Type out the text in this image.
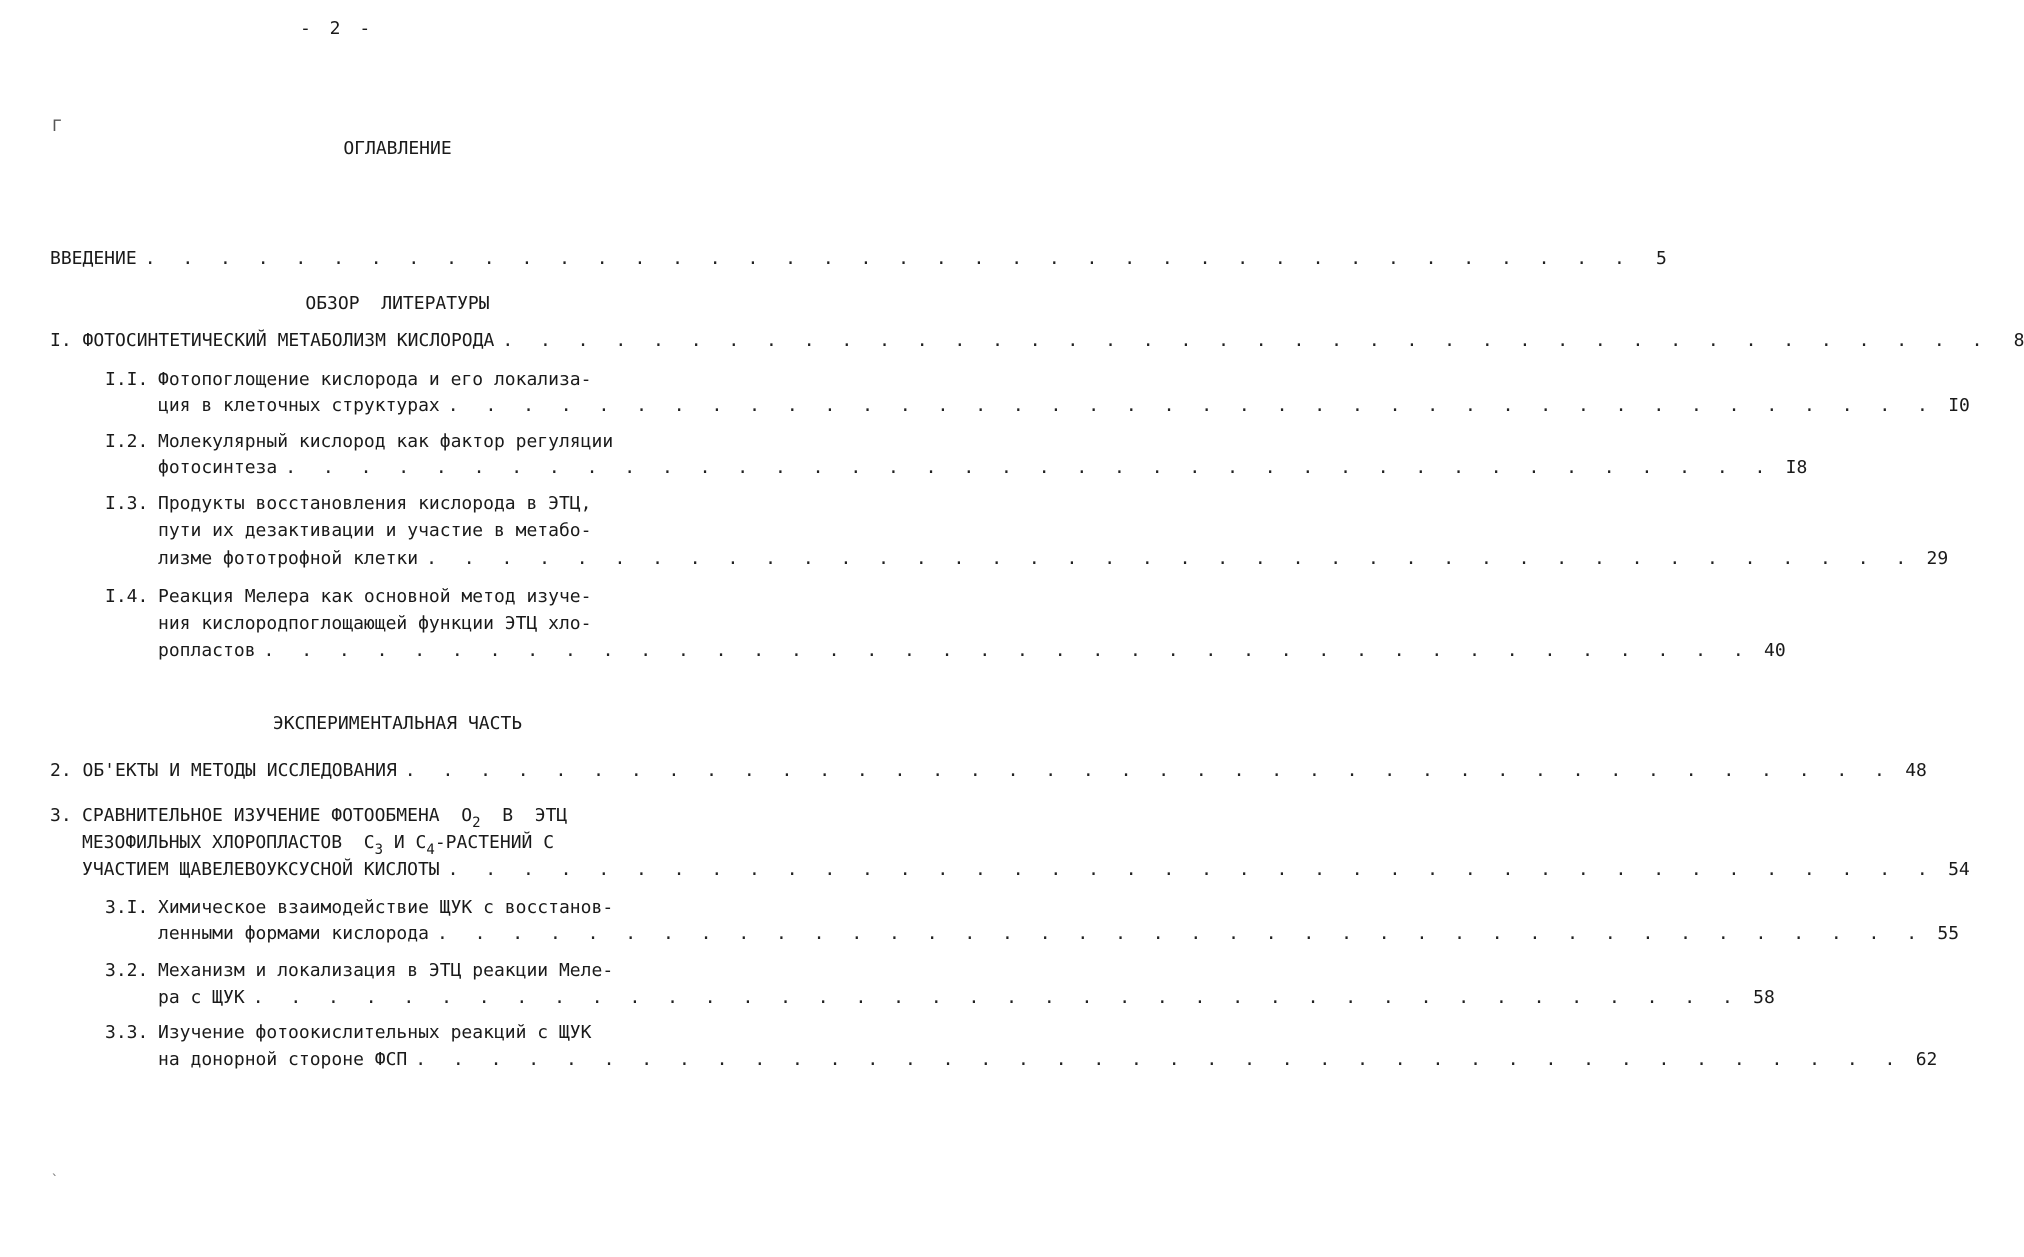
- 2 -
Г
ОГЛАВЛЕНИЕ
ВВЕДЕНИЕ . . . . . . . . . . . . . . . . . . . . . . . . . . . . . . . . . . . . . . . .	5
ОБЗОР  ЛИТЕРАТУРЫ
I. ФОТОСИНТЕТИЧЕСКИЙ МЕТАБОЛИЗМ КИСЛОРОДА . . . . . . . . . . . . . . . . . . . . . . . . . . . . . . . . . . . . . . . .	8
I.I. Фотопоглощение кислорода и его локализа-
ция в клеточных структурах . . . . . . . . . . . . . . . . . . . . . . . . . . . . . . . . . . . . . . . . I0
I.2. Молекулярный кислород как фактор регуляции
фотосинтеза . . . . . . . . . . . . . . . . . . . . . . . . . . . . . . . . . . . . . . . . I8
I.3. Продукты восстановления кислорода в ЭТЦ,
пути их дезактивации и участие в метабо-
лизме фототрофной клетки . . . . . . . . . . . . . . . . . . . . . . . . . . . . . . . . . . . . . . . . 29
I.4. Реакция Мелера как основной метод изуче-
ния кислородпоглощающей функции ЭТЦ хло-
ропластов . . . . . . . . . . . . . . . . . . . . . . . . . . . . . . . . . . . . . . . . 40
ЭКСПЕРИМЕНТАЛЬНАЯ ЧАСТЬ
2. ОБ'ЕКТЫ И МЕТОДЫ ИССЛЕДОВАНИЯ . . . . . . . . . . . . . . . . . . . . . . . . . . . . . . . . . . . . . . . . 48
3. СРАВНИТЕЛЬНОЕ ИЗУЧЕНИЕ ФОТООБМЕНА  $О_2$  В  ЭТЦ
МЕЗОФИЛЬНЫХ ХЛОРОПЛАСТОВ  $С_3$ И $С_4$-РАСТЕНИЙ С
УЧАСТИЕМ ЩАВЕЛЕВОУКСУСНОЙ КИСЛОТЫ . . . . . . . . . . . . . . . . . . . . . . . . . . . . . . . . . . . . . . . . 54
3.I. Химическое взаимодействие ЩУК с восстанов-
ленными формами кислорода . . . . . . . . . . . . . . . . . . . . . . . . . . . . . . . . . . . . . . . . 55
3.2. Механизм и локализация в ЭТЦ реакции Меле-
ра с ЩУК . . . . . . . . . . . . . . . . . . . . . . . . . . . . . . . . . . . . . . . . 58
3.3. Изучение фотоокислительных реакций с ЩУК
на донорной стороне ФСП . . . . . . . . . . . . . . . . . . . . . . . . . . . . . . . . . . . . . . . . 62
ˎ
